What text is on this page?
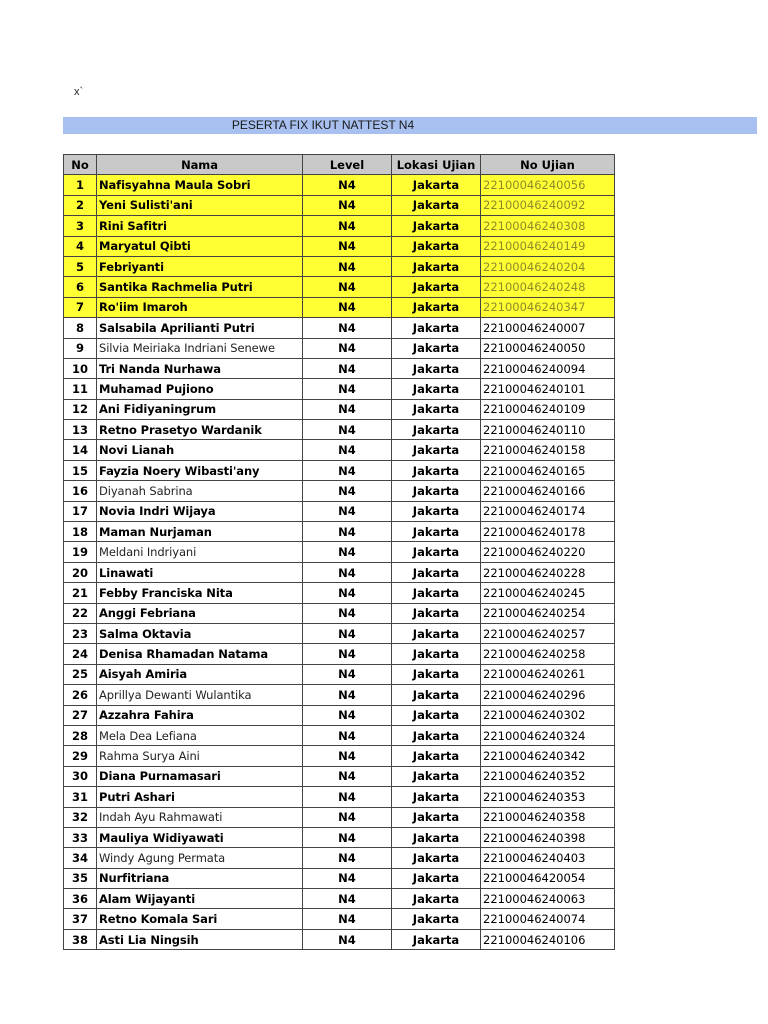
x`
PESERTA FIX IKUT NATTEST N4
No	Nama	Level	Lokasi Ujian	No Ujian
1	Nafisyahna Maula Sobri	N4	Jakarta	22100046240056
2	Yeni Sulisti'ani	N4	Jakarta	22100046240092
3	Rini Safitri	N4	Jakarta	22100046240308
4	Maryatul Qibti	N4	Jakarta	22100046240149
5	Febriyanti	N4	Jakarta	22100046240204
6	Santika Rachmelia Putri	N4	Jakarta	22100046240248
7	Ro'iim Imaroh	N4	Jakarta	22100046240347
8	Salsabila Aprilianti Putri	N4	Jakarta	22100046240007
9	Silvia Meiriaka Indriani Senewe	N4	Jakarta	22100046240050
10	Tri Nanda Nurhawa	N4	Jakarta	22100046240094
11	Muhamad Pujiono	N4	Jakarta	22100046240101
12	Ani Fidiyaningrum	N4	Jakarta	22100046240109
13	Retno Prasetyo Wardanik	N4	Jakarta	22100046240110
14	Novi Lianah	N4	Jakarta	22100046240158
15	Fayzia Noery Wibasti'any	N4	Jakarta	22100046240165
16	Diyanah Sabrina	N4	Jakarta	22100046240166
17	Novia Indri Wijaya	N4	Jakarta	22100046240174
18	Maman Nurjaman	N4	Jakarta	22100046240178
19	Meldani Indriyani	N4	Jakarta	22100046240220
20	Linawati	N4	Jakarta	22100046240228
21	Febby Franciska Nita	N4	Jakarta	22100046240245
22	Anggi Febriana	N4	Jakarta	22100046240254
23	Salma Oktavia	N4	Jakarta	22100046240257
24	Denisa Rhamadan Natama	N4	Jakarta	22100046240258
25	Aisyah Amiria	N4	Jakarta	22100046240261
26	Aprillya Dewanti Wulantika	N4	Jakarta	22100046240296
27	Azzahra Fahira	N4	Jakarta	22100046240302
28	Mela Dea Lefiana	N4	Jakarta	22100046240324
29	Rahma Surya Aini	N4	Jakarta	22100046240342
30	Diana Purnamasari	N4	Jakarta	22100046240352
31	Putri Ashari	N4	Jakarta	22100046240353
32	Indah Ayu Rahmawati	N4	Jakarta	22100046240358
33	Mauliya Widiyawati	N4	Jakarta	22100046240398
34	Windy Agung Permata	N4	Jakarta	22100046240403
35	Nurfitriana	N4	Jakarta	22100046420054
36	Alam Wijayanti	N4	Jakarta	22100046240063
37	Retno Komala Sari	N4	Jakarta	22100046240074
38	Asti Lia Ningsih	N4	Jakarta	22100046240106
